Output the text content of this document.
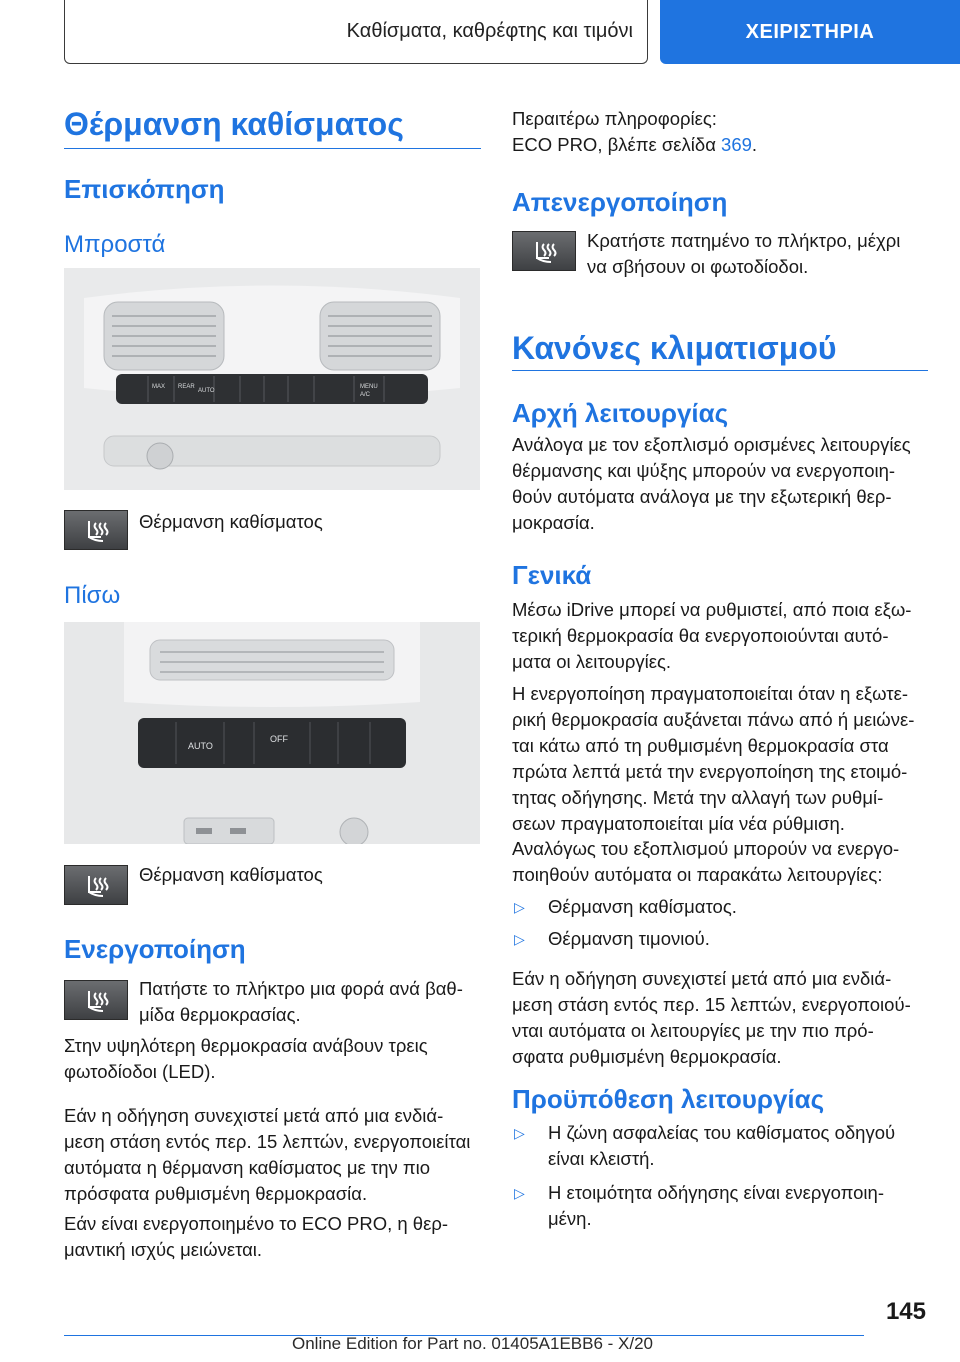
Καθίσματα, καθρέφτης και τιμόνι	ΧΕΙΡΙΣΤΗΡΙΑ
Θέρμανση καθίσματος
Επισκόπηση
Μπροστά
MAX REAR
AUTO
MENU
A/C
Θέρμανση καθίσματος
Πίσω
AUTO
OFF
Θέρμανση καθίσματος
Ενεργοποίηση
Πατήστε το πλήκτρο μια φορά ανά βαθ-
μίδα θερμοκρασίας.
Στην υψηλότερη θερμοκρασία ανάβουν τρεις
φωτοδίοδοι (LED).
Εάν η οδήγηση συνεχιστεί μετά από μια ενδιά-
μεση στάση εντός περ. 15 λεπτών, ενεργοποιείται
αυτόματα η θέρμανση καθίσματος με την πιο
πρόσφατα ρυθμισμένη θερμοκρασία.
Εάν είναι ενεργοποιημένο το ECO PRO, η θερ-
μαντική ισχύς μειώνεται.
Περαιτέρω πληροφορίες:
ECO PRO, βλέπε σελίδα 369.
Απενεργοποίηση
Κρατήστε πατημένο το πλήκτρο, μέχρι
να σβήσουν οι φωτοδίοδοι.
Κανόνες κλιματισμού
Αρχή λειτουργίας
Ανάλογα με τον εξοπλισμό ορισμένες λειτουργίες
θέρμανσης και ψύξης μπορούν να ενεργοποιη-
θούν αυτόματα ανάλογα με την εξωτερική θερ-
μοκρασία.
Γενικά
Μέσω iDrive μπορεί να ρυθμιστεί, από ποια εξω-
τερική θερμοκρασία θα ενεργοποιούνται αυτό-
ματα οι λειτουργίες.
Η ενεργοποίηση πραγματοποιείται όταν η εξωτε-
ρική θερμοκρασία αυξάνεται πάνω από ή μειώνε-
ται κάτω από τη ρυθμισμένη θερμοκρασία στα
πρώτα λεπτά μετά την ενεργοποίηση της ετοιμό-
τητας οδήγησης. Μετά την αλλαγή των ρυθμί-
σεων πραγματοποιείται μία νέα ρύθμιση.
Αναλόγως του εξοπλισμού μπορούν να ενεργο-
ποιηθούν αυτόματα οι παρακάτω λειτουργίες:
▷	Θέρμανση καθίσματος.
▷	Θέρμανση τιμονιού.
Εάν η οδήγηση συνεχιστεί μετά από μια ενδιά-
μεση στάση εντός περ. 15 λεπτών, ενεργοποιού-
νται αυτόματα οι λειτουργίες με την πιο πρό-
σφατα ρυθμισμένη θερμοκρασία.
Προϋπόθεση λειτουργίας
▷	Η ζώνη ασφαλείας του καθίσματος οδηγού
είναι κλειστή.
▷	Η ετοιμότητα οδήγησης είναι ενεργοποιη-
μένη.
145
Online Edition for Part no. 01405A1EBB6 - X/20
